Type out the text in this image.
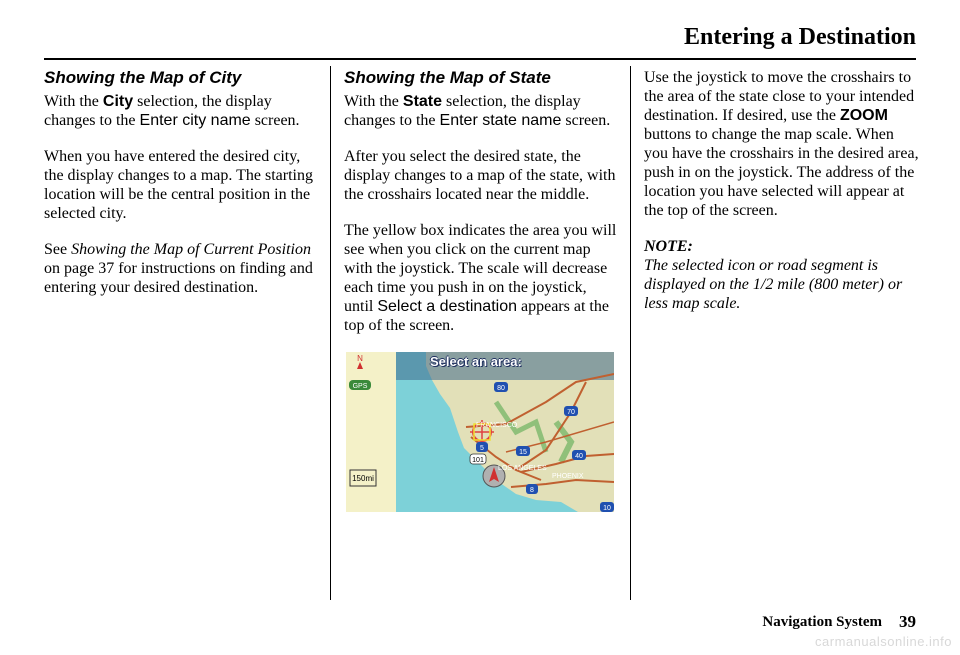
Entering a Destination
Showing the Map of City

With the City selection, the display changes to the Enter city name screen.

When you have entered the desired city, the display changes to a map. The starting location will be the central position in the selected city.

See Showing the Map of Current Position on page 37 for instructions on finding and entering your desired destination.

Showing the Map of State

With the State selection, the display changes to the Enter state name screen.

After you select the desired state, the display changes to a map of the state, with the crosshairs located near the middle.

The yellow box indicates the area you will see when you click on the current map with the joystick. The scale will decrease each time you push in on the joystick, until Select a destination appears at the top of the screen.

N
GPS
150mi
FRANCISCO
LOS ANGELES
PHOENIX
80
70
15
40
5
8
101
10
Select an area:

Use the joystick to move the crosshairs to the area of the state close to your intended destination. If desired, use the ZOOM buttons to change the map scale. When you have the crosshairs in the desired area, push in on the joystick. The address of the location you have selected will appear at the top of the screen.

NOTE:
The selected icon or road segment is displayed on the 1/2 mile (800 meter) or less map scale.

Navigation System 39
carmanualsonline.info
